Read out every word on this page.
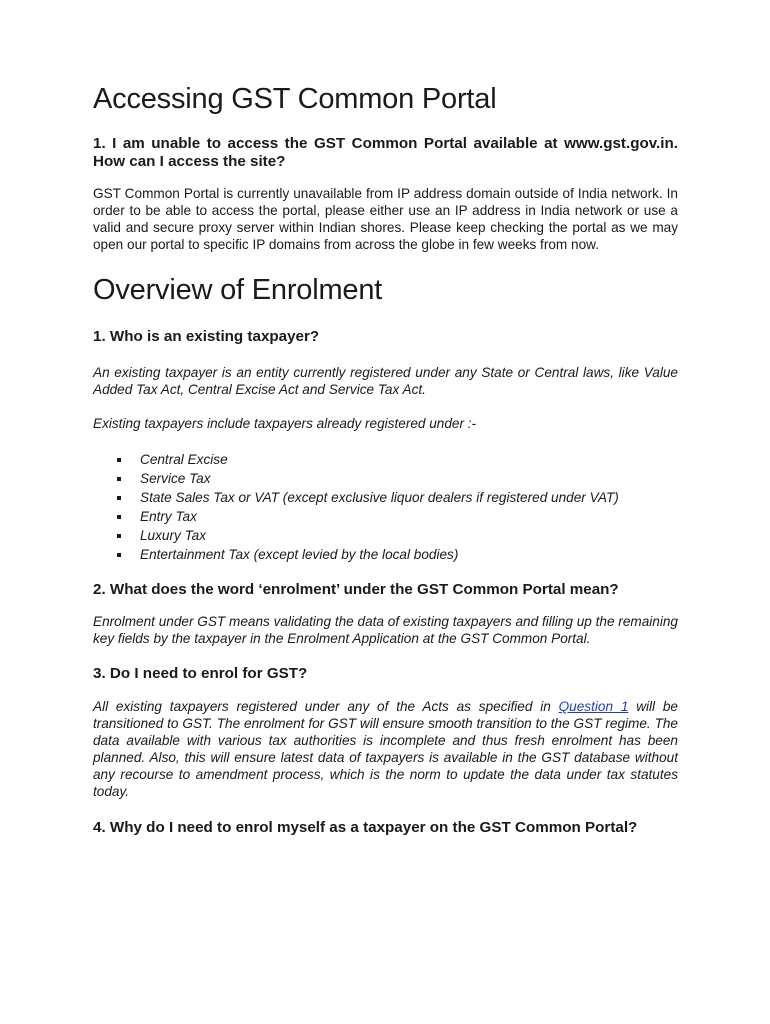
Accessing GST Common Portal
1. I am unable to access the GST Common Portal available at www.gst.gov.in. How can I access the site?

GST Common Portal is currently unavailable from IP address domain outside of India network. In order to be able to access the portal, please either use an IP address in India network or use a valid and secure proxy server within Indian shores. Please keep checking the portal as we may open our portal to specific IP domains from across the globe in few weeks from now.

Overview of Enrolment
1. Who is an existing taxpayer?

An existing taxpayer is an entity currently registered under any State or Central laws, like Value Added Tax Act, Central Excise Act and Service Tax Act.

Existing taxpayers include taxpayers already registered under :-

Central Excise
Service Tax
State Sales Tax or VAT (except exclusive liquor dealers if registered under VAT)
Entry Tax
Luxury Tax
Entertainment Tax (except levied by the local bodies)
2. What does the word ‘enrolment’ under the GST Common Portal mean?

Enrolment under GST means validating the data of existing taxpayers and filling up the remaining key fields by the taxpayer in the Enrolment Application at the GST Common Portal.

3. Do I need to enrol for GST?

All existing taxpayers registered under any of the Acts as specified in Question 1 will be transitioned to GST. The enrolment for GST will ensure smooth transition to the GST regime. The data available with various tax authorities is incomplete and thus fresh enrolment has been planned. Also, this will ensure latest data of taxpayers is available in the GST database without any recourse to amendment process, which is the norm to update the data under tax statutes today.

4. Why do I need to enrol myself as a taxpayer on the GST Common Portal?
